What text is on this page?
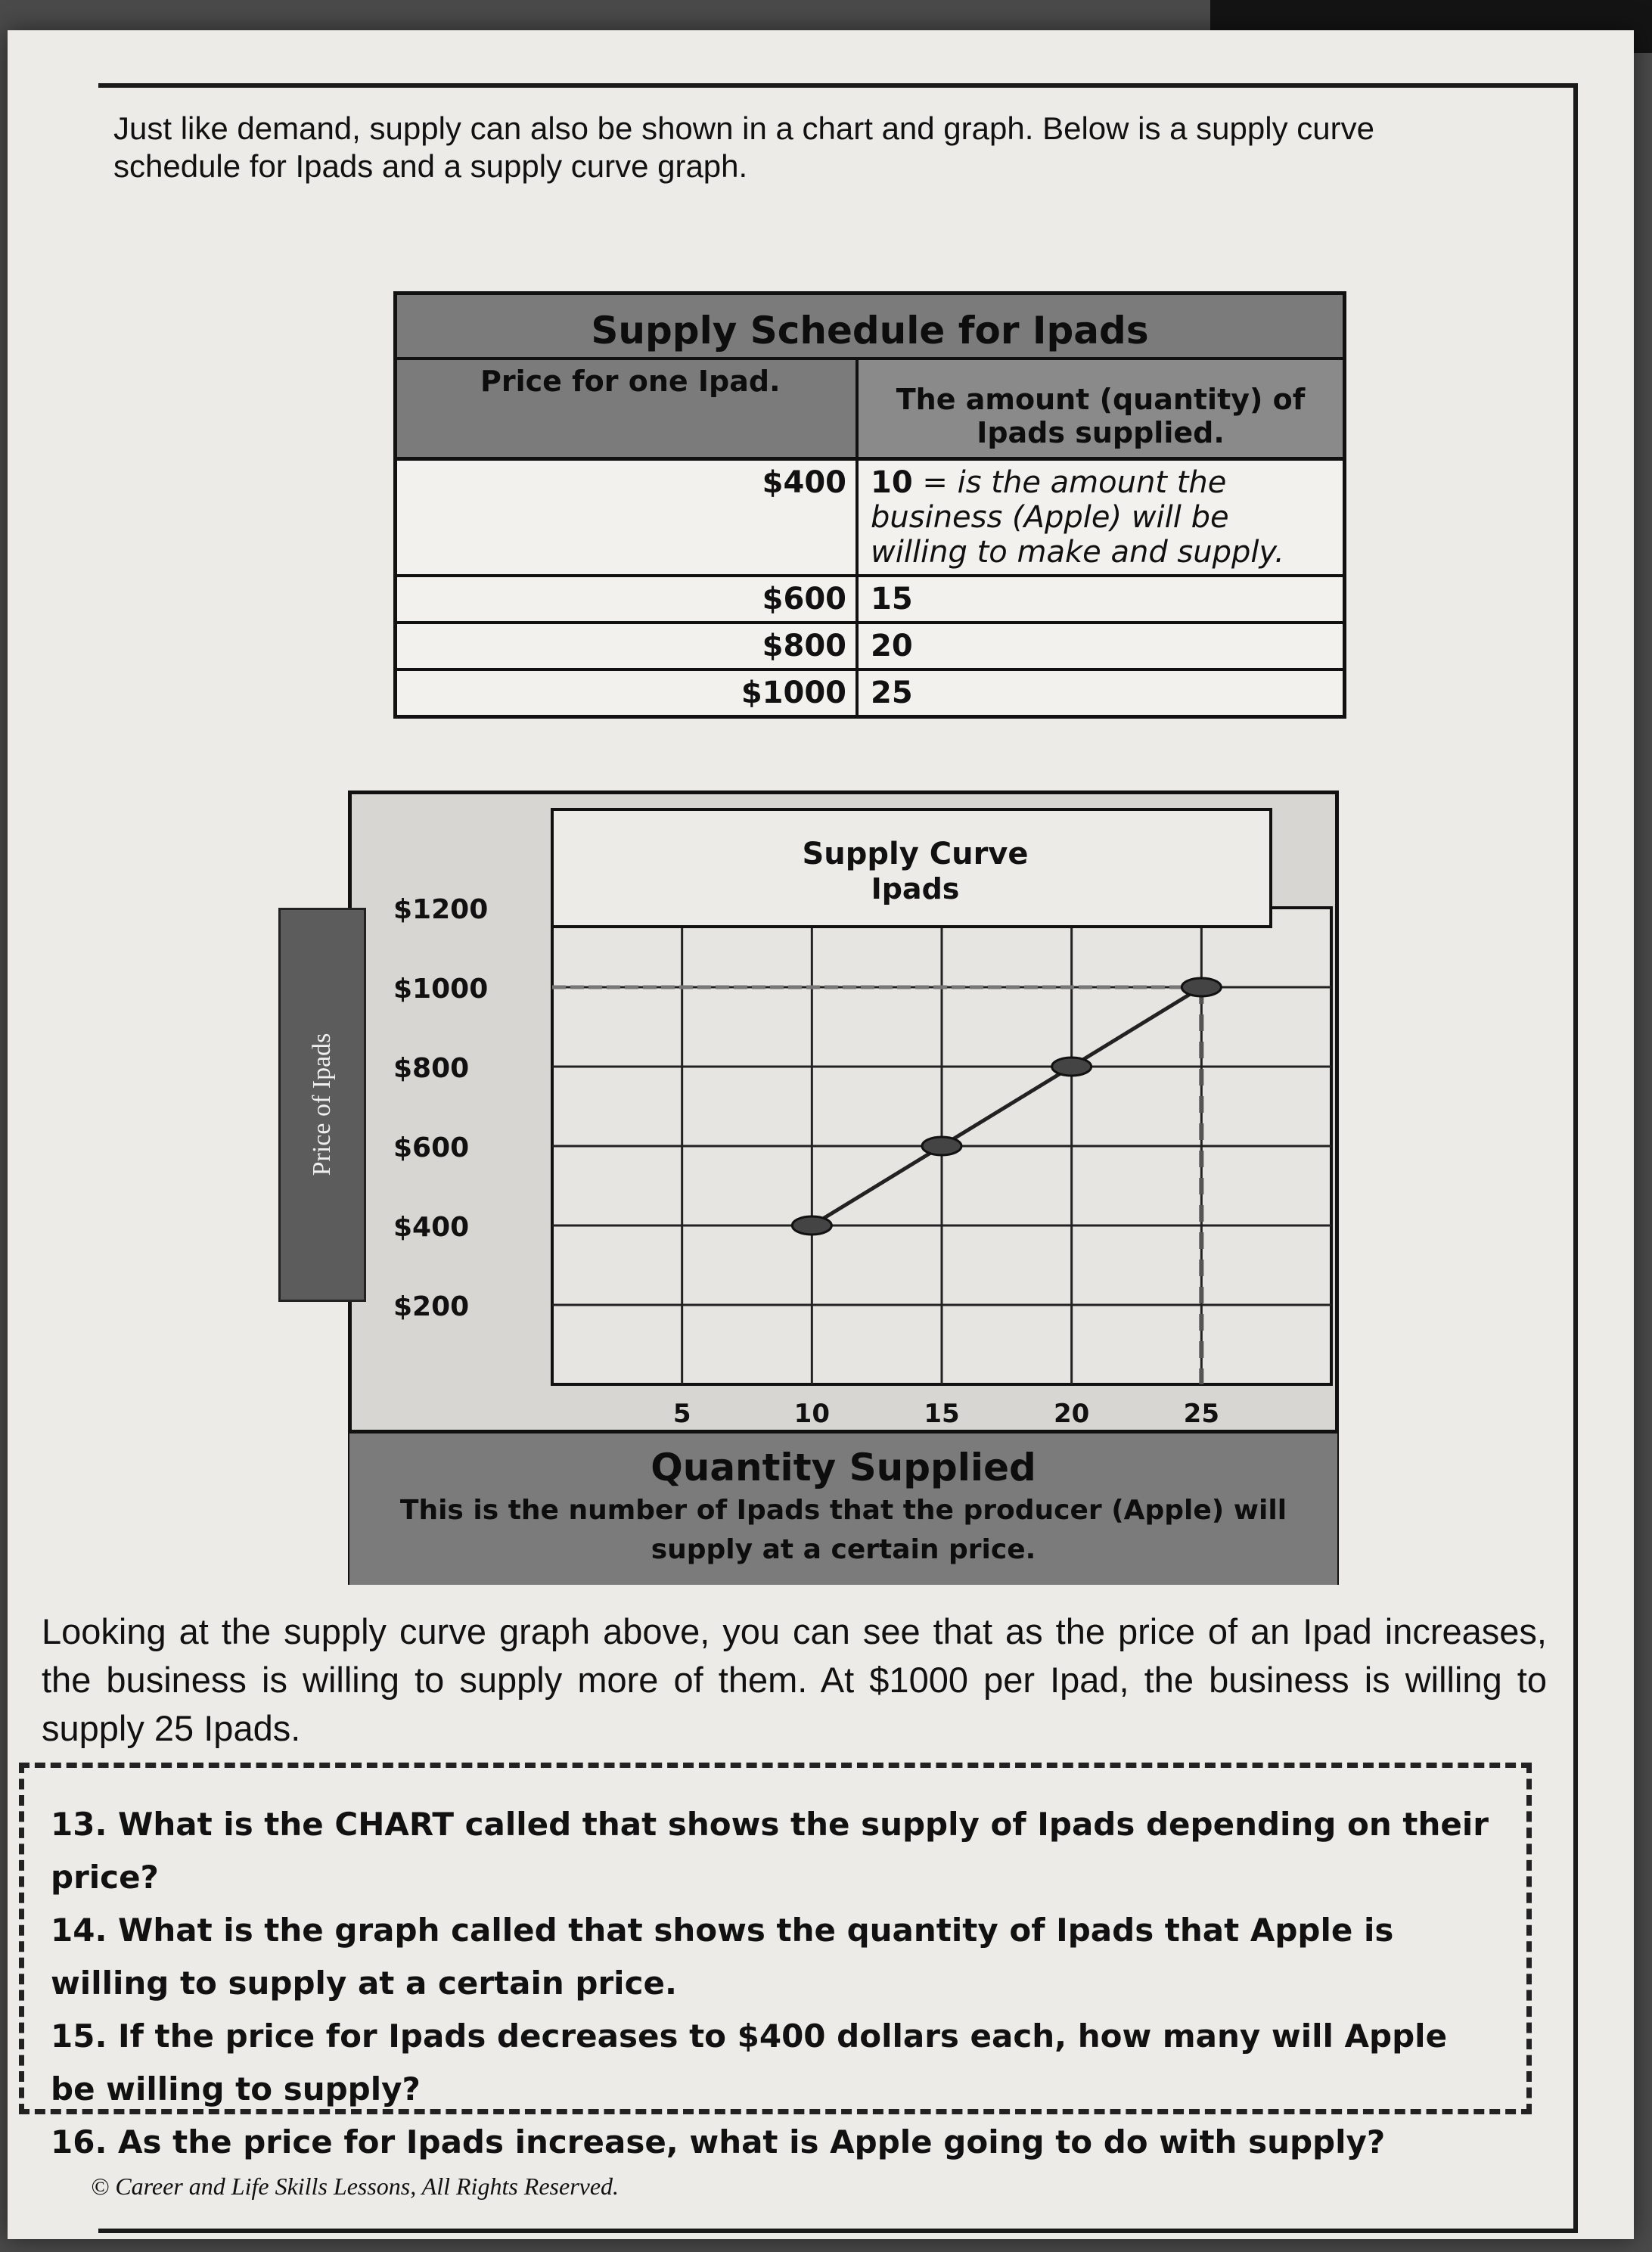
Just like demand, supply can also be shown in a chart and graph. Below is a supply curve schedule for Ipads and a supply curve graph.
Supply Schedule for Ipads
Price for one Ipad.
The amount (quantity) of Ipads supplied.
$400 10 = is the amount the business (Apple) will be willing to make and supply.
$600 15
$800 20
$1000 25
Price of Ipads
Supply Curve
Ipads
$1200
$1000
$800
$600
$400
$200
5	10	15	20	25
Quantity Supplied
This is the number of Ipads that the producer (Apple) will supply at a certain price.
Looking at the supply curve graph above, you can see that as the price of an Ipad increases, the business is willing to supply more of them. At $1000 per Ipad, the business is willing to supply 25 Ipads.
13. What is the CHART called that shows the supply of Ipads depending on their price?
14. What is the graph called that shows the quantity of Ipads that Apple is willing to supply at a certain price.
15. If the price for Ipads decreases to $400 dollars each, how many will Apple be willing to supply?
16. As the price for Ipads increase, what is Apple going to do with supply?
© Career and Life Skills Lessons, All Rights Reserved.
